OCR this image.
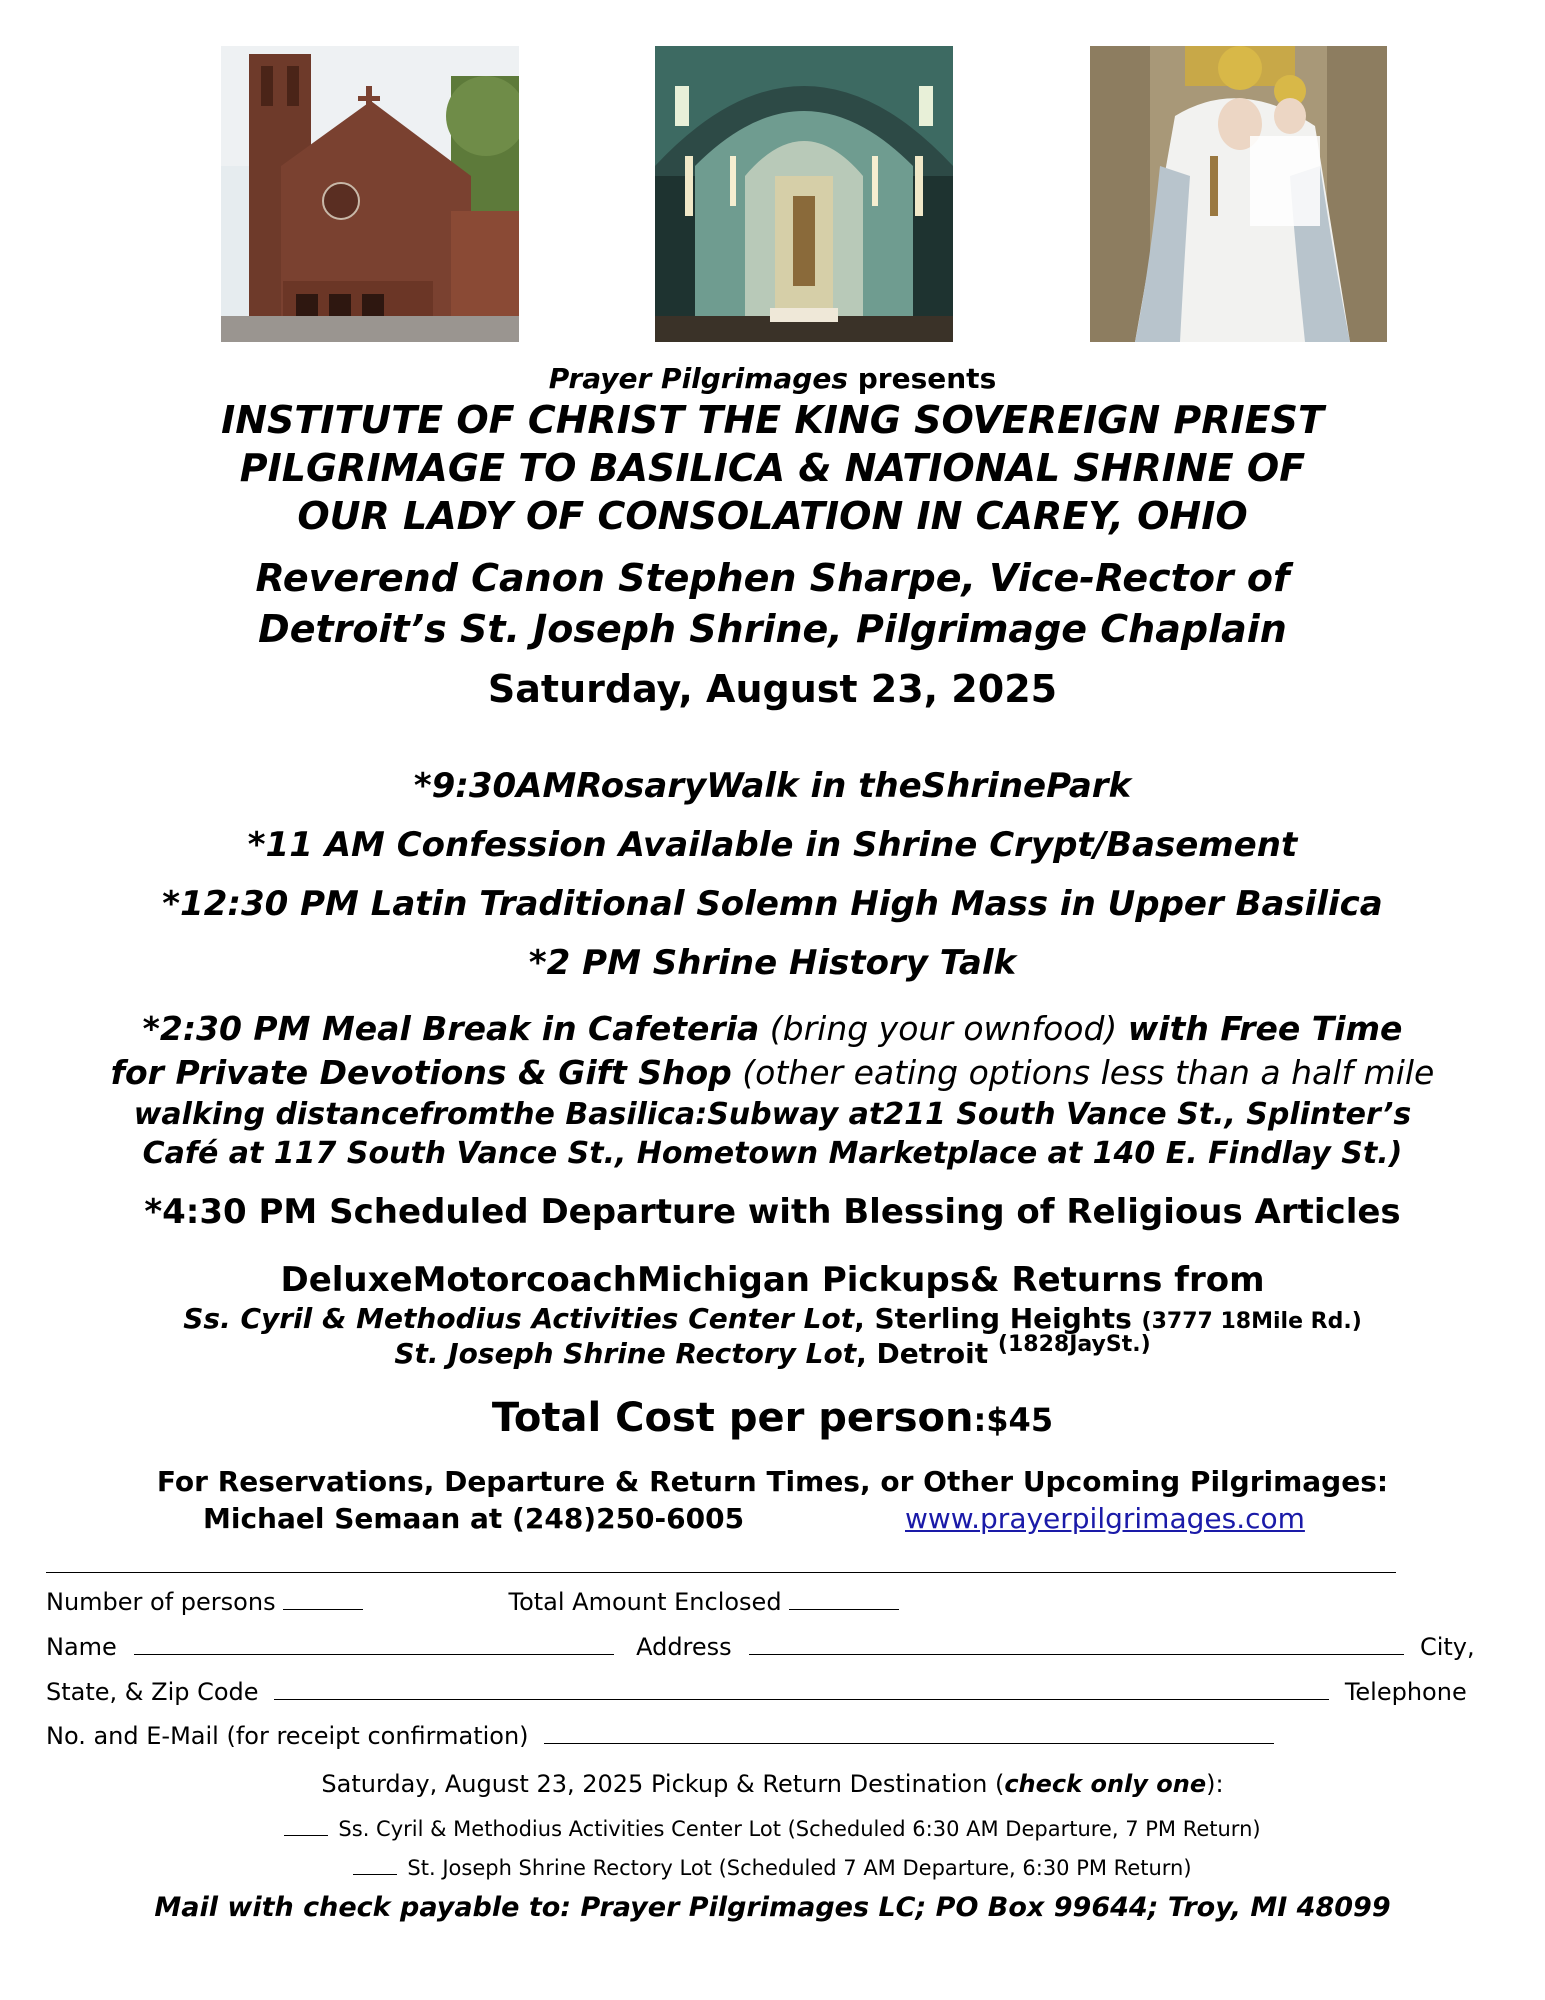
Prayer Pilgrimages presents
INSTITUTE OF CHRIST THE KING SOVEREIGN PRIEST
PILGRIMAGE TO BASILICA & NATIONAL SHRINE OF
OUR LADY OF CONSOLATION IN CAREY, OHIO
Reverend Canon Stephen Sharpe, Vice-Rector of
Detroit’s St. Joseph Shrine, Pilgrimage Chaplain
Saturday, August 23, 2025
*9:30AMRosaryWalk in theShrinePark
*11 AM Confession Available in Shrine Crypt/Basement
*12:30 PM Latin Traditional Solemn High Mass in Upper Basilica
*2 PM Shrine History Talk
*2:30 PM Meal Break in Cafeteria (bring your ownfood) with Free Time
for Private Devotions & Gift Shop (other eating options less than a half mile
walking distancefromthe Basilica:Subway at211 South Vance St., Splinter’s
Café at 117 South Vance St., Hometown Marketplace at 140 E. Findlay St.)
*4:30 PM Scheduled Departure with Blessing of Religious Articles
DeluxeMotorcoachMichigan Pickups& Returns from
Ss. Cyril & Methodius Activities Center Lot, Sterling Heights (3777 18Mile Rd.)
St. Joseph Shrine Rectory Lot, Detroit $^{(1828JaySt.)}$
Total Cost per person:$45
For Reservations, Departure & Return Times, or Other Upcoming Pilgrimages:
Michael Semaan at (248)250-6005	www.prayerpilgrimages.com
Number of persons	Total Amount Enclosed
Name	Address	City,
State, & Zip Code	Telephone
No. and E-Mail (for receipt confirmation)
Saturday, August 23, 2025 Pickup & Return Destination (check only one):
Ss. Cyril & Methodius Activities Center Lot (Scheduled 6:30 AM Departure, 7 PM Return)
St. Joseph Shrine Rectory Lot (Scheduled 7 AM Departure, 6:30 PM Return)
Mail with check payable to: Prayer Pilgrimages LC; PO Box 99644; Troy, MI 48099
